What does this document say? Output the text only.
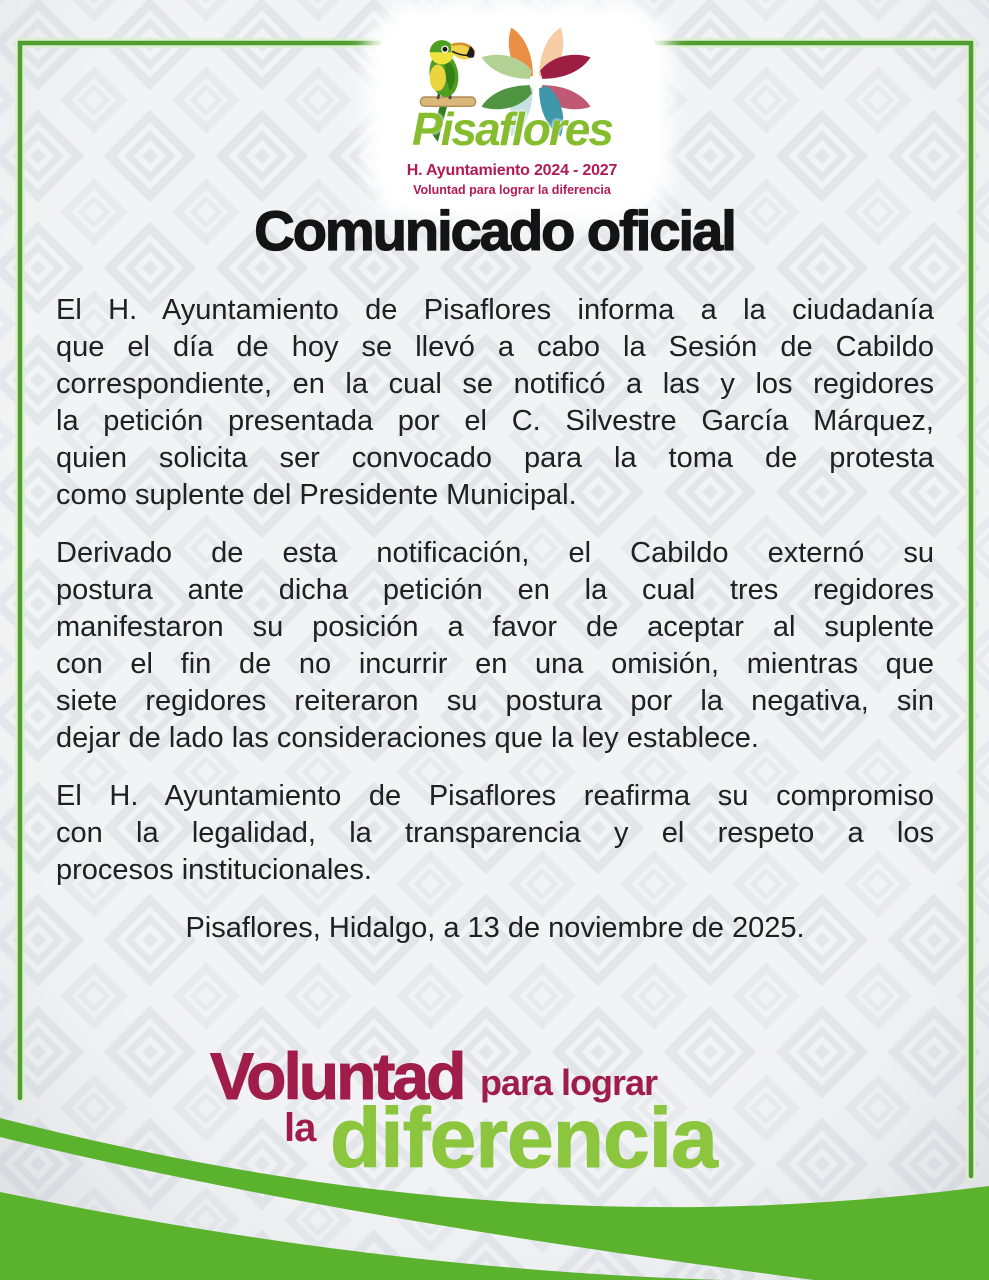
Pisaflores
H. Ayuntamiento 2024 - 2027
Voluntad para lograr la diferencia
Comunicado oficial
El H. Ayuntamiento de Pisaflores informa a la ciudadanía
que el día de hoy se llevó a cabo la Sesión de Cabildo
correspondiente, en la cual se notificó a las y los regidores
la petición presentada por el C. Silvestre García Márquez,
quien solicita ser convocado para la toma de protesta
como suplente del Presidente Municipal.
Derivado de esta notificación, el Cabildo externó su
postura ante dicha petición en la cual tres regidores
manifestaron su posición a favor de aceptar al suplente
con el fin de no incurrir en una omisión, mientras que
siete regidores reiteraron su postura por la negativa, sin
dejar de lado las consideraciones que la ley establece.
El H. Ayuntamiento de Pisaflores reafirma su compromiso
con la legalidad, la transparencia y el respeto a los
procesos institucionales.
Pisaflores, Hidalgo, a 13 de noviembre de 2025.
Voluntad para lograr
la diferencia
